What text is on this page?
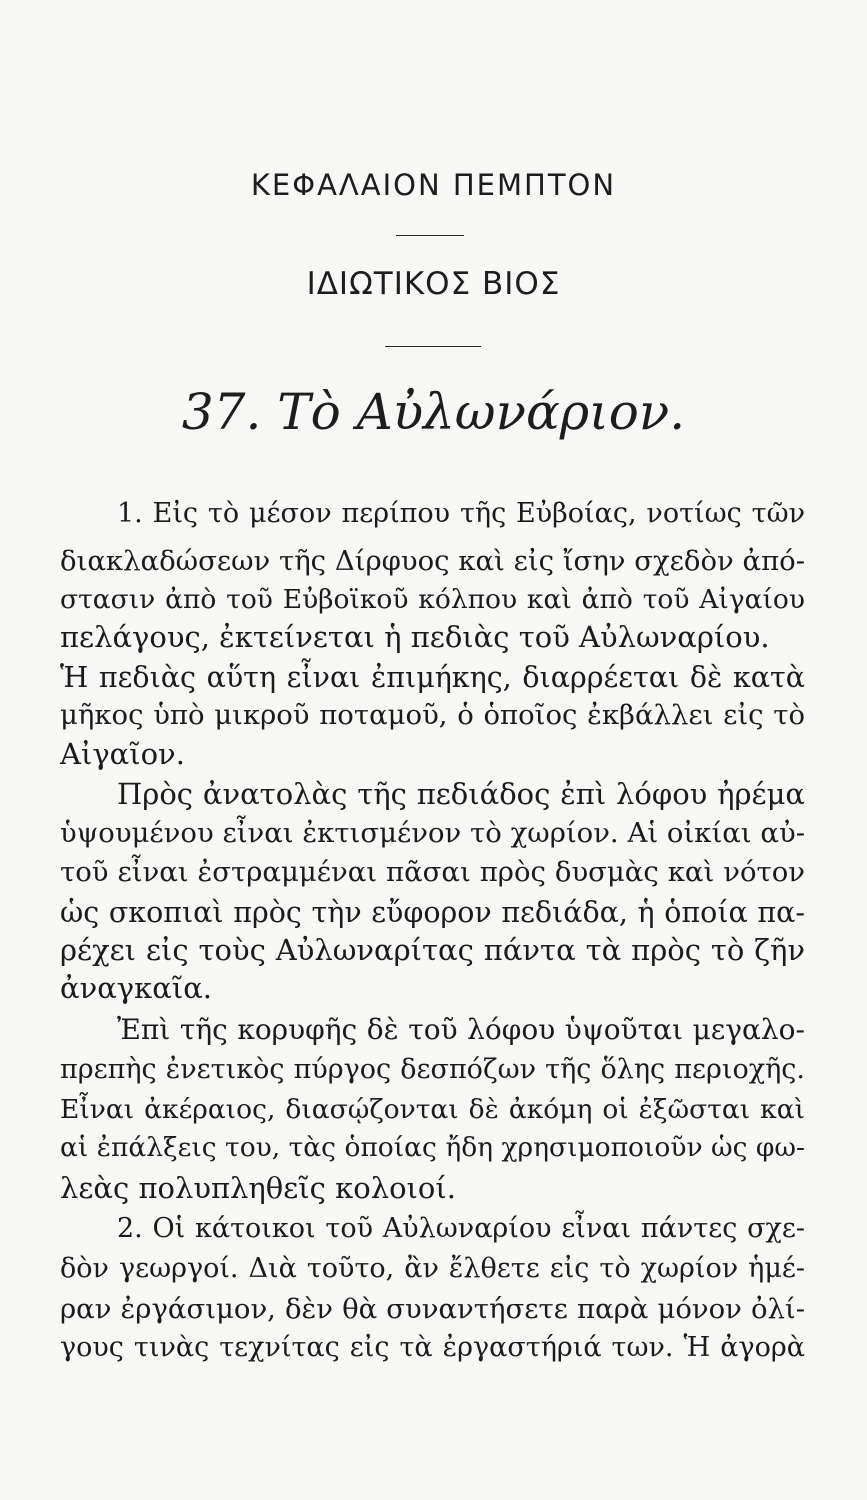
ΚΕΦΑΛΑΙΟΝ ΠΕΜΠΤΟΝ
ΙΔΙΩΤΙΚΟΣ ΒΙΟΣ
37. Τὸ Αὐλωνάριον.
1. Εἰς τὸ μέσον περίπου τῆς Εὐβοίας, νοτίως τῶν
διακλαδώσεων τῆς Δίρφυος καὶ εἰς ἴσην σχεδὸν ἀπό-
στασιν ἀπὸ τοῦ Εὐβοϊκοῦ κόλπου καὶ ἀπὸ τοῦ Αἰγαίου
πελάγους, ἐκτείνεται ἡ πεδιὰς τοῦ Αὐλωναρίου.
Ἡ πεδιὰς αὕτη εἶναι ἐπιμήκης, διαρρέεται δὲ κατὰ
μῆκος ὑπὸ μικροῦ ποταμοῦ, ὁ ὁποῖος ἐκβάλλει εἰς τὸ
Αἰγαῖον.
Πρὸς ἀνατολὰς τῆς πεδιάδος ἐπὶ λόφου ἠρέμα
ὑψουμένου εἶναι ἐκτισμένον τὸ χωρίον. Αἱ οἰκίαι αὐ-
τοῦ εἶναι ἐστραμμέναι πᾶσαι πρὸς δυσμὰς καὶ νότον
ὡς σκοπιαὶ πρὸς τὴν εὔφορον πεδιάδα, ἡ ὁποία πα-
ρέχει εἰς τοὺς Αὐλωναρίτας πάντα τὰ πρὸς τὸ ζῆν
ἀναγκαῖα.
Ἐπὶ τῆς κορυφῆς δὲ τοῦ λόφου ὑψοῦται μεγαλο-
πρεπὴς ἐνετικὸς πύργος δεσπόζων τῆς ὅλης περιοχῆς.
Εἶναι ἀκέραιος, διασῴζονται δὲ ἀκόμη οἱ ἐξῶσται καὶ
αἱ ἐπάλξεις του, τὰς ὁποίας ἤδη χρησιμοποιοῦν ὡς φω-
λεὰς πολυπληθεῖς κολοιοί.
2. Οἱ κάτοικοι τοῦ Αὐλωναρίου εἶναι πάντες σχε-
δὸν γεωργοί. Διὰ τοῦτο, ἂν ἔλθετε εἰς τὸ χωρίον ἡμέ-
ραν ἐργάσιμον, δὲν θὰ συναντήσετε παρὰ μόνον ὀλί-
γους τινὰς τεχνίτας εἰς τὰ ἐργαστήριά των. Ἡ ἀγορὰ
